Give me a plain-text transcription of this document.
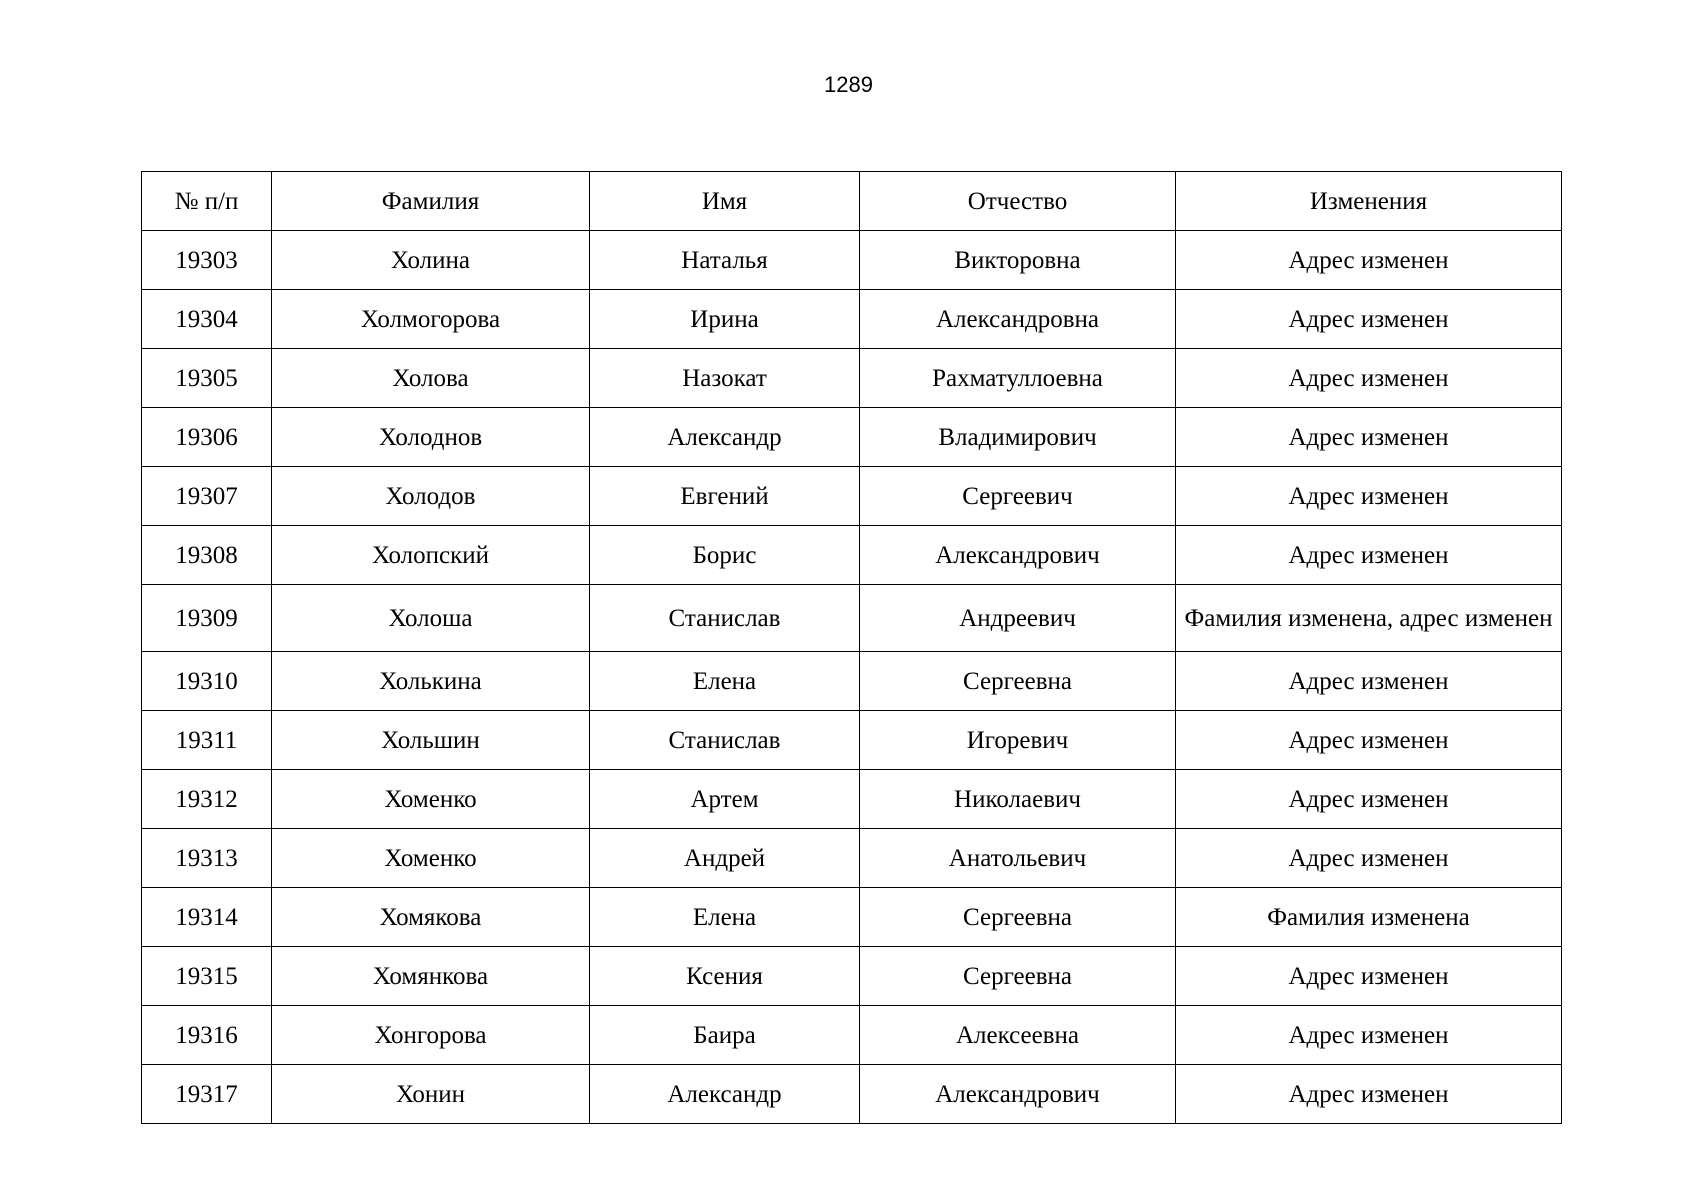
1289
№ п/п	Фамилия	Имя	Отчество	Изменения
19303	Холина	Наталья	Викторовна	Адрес изменен
19304	Холмогорова	Ирина	Александровна	Адрес изменен
19305	Холова	Назокат	Рахматуллоевна	Адрес изменен
19306	Холоднов	Александр	Владимирович	Адрес изменен
19307	Холодов	Евгений	Сергеевич	Адрес изменен
19308	Холопский	Борис	Александрович	Адрес изменен
19309	Холоша	Станислав	Андреевич	Фамилия изменена, адрес изменен
19310	Холькина	Елена	Сергеевна	Адрес изменен
19311	Хольшин	Станислав	Игоревич	Адрес изменен
19312	Хоменко	Артем	Николаевич	Адрес изменен
19313	Хоменко	Андрей	Анатольевич	Адрес изменен
19314	Хомякова	Елена	Сергеевна	Фамилия изменена
19315	Хомянкова	Ксения	Сергеевна	Адрес изменен
19316	Хонгорова	Баира	Алексеевна	Адрес изменен
19317	Хонин	Александр	Александрович	Адрес изменен
